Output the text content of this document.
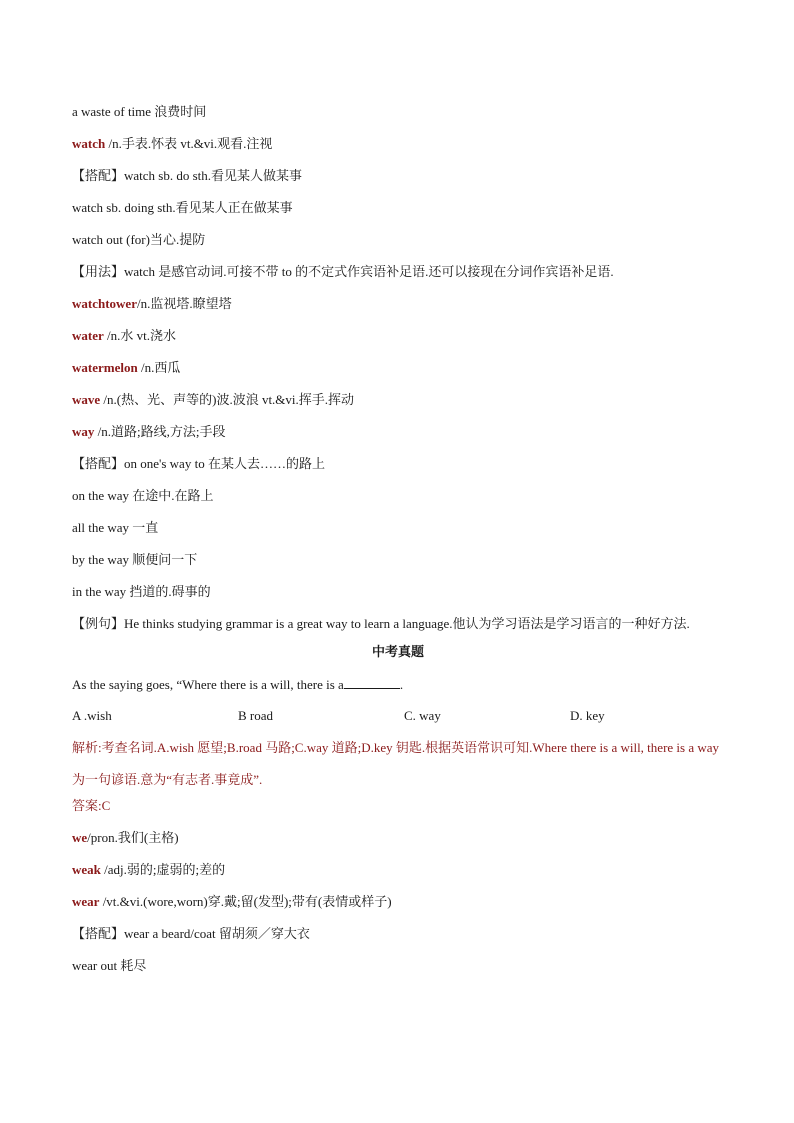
a waste of time 浪费时间
watch /n.手表.怀表 vt.&vi.观看.注视
【搭配】watch sb. do sth.看见某人做某事
watch sb. doing sth.看见某人正在做某事
watch out (for)当心.提防
【用法】watch 是感官动词.可接不带 to 的不定式作宾语补足语.还可以接现在分词作宾语补足语.
watchtower/n.监视塔.瞭望塔
water /n.水 vt.浇水
watermelon /n.西瓜
wave /n.(热、光、声等的)波.波浪 vt.&vi.挥手.挥动
way /n.道路;路线,方法;手段
【搭配】on one's way to 在某人去……的路上
on the way 在途中.在路上
all the way 一直
by the way 顺便问一下
in the way 挡道的.碍事的
【例句】He thinks studying grammar is a great way to learn a language.他认为学习语法是学习语言的一种好方法.
中考真题
As the saying goes, “Where there is a will, there is a	.
A .wish	B road	C. way	D. key
解析:考查名词.A.wish 愿望;B.road 马路;C.way 道路;D.key 钥匙.根据英语常识可知.Where there is a will, there is a way 为一句谚语.意为“有志者.事竟成”.
答案:C
we/pron.我们(主格)
weak /adj.弱的;虚弱的;差的
wear /vt.&vi.(wore,worn)穿.戴;留(发型);带有(表情或样子)
【搭配】wear a beard/coat 留胡须／穿大衣
wear out 耗尽
